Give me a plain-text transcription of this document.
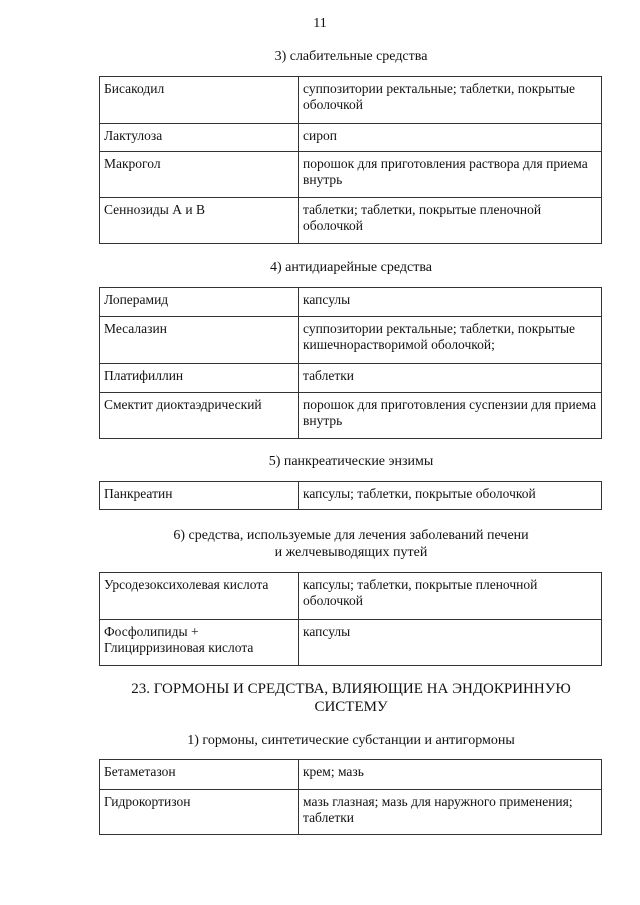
11
3) слабительные средства
Бисакодил	суппозитории ректальные; таблетки, покрытые оболочкой
Лактулоза	сироп
Макрогол	порошок для приготовления раствора для приема внутрь
Сеннозиды А и В	таблетки; таблетки, покрытые пленочной оболочкой
4) антидиарейные средства
Лоперамид	капсулы
Месалазин	суппозитории ректальные; таблетки, покрытые кишечнорастворимой оболочкой;
Платифиллин	таблетки
Смектит диоктаэдрический	порошок для приготовления суспензии для приема внутрь
5) панкреатические энзимы
Панкреатин	капсулы; таблетки, покрытые оболочкой
6) средства, используемые для лечения заболеваний печени
и желчевыводящих путей
Урсодезоксихолевая кислота	капсулы; таблетки, покрытые пленочной оболочкой
Фосфолипиды + Глицирризиновая кислота	капсулы
23. ГОРМОНЫ И СРЕДСТВА, ВЛИЯЮЩИЕ НА ЭНДОКРИННУЮ
СИСТЕМУ
1) гормоны, синтетические субстанции и антигормоны
Бетаметазон	крем; мазь
Гидрокортизон	мазь глазная; мазь для наружного применения; таблетки
